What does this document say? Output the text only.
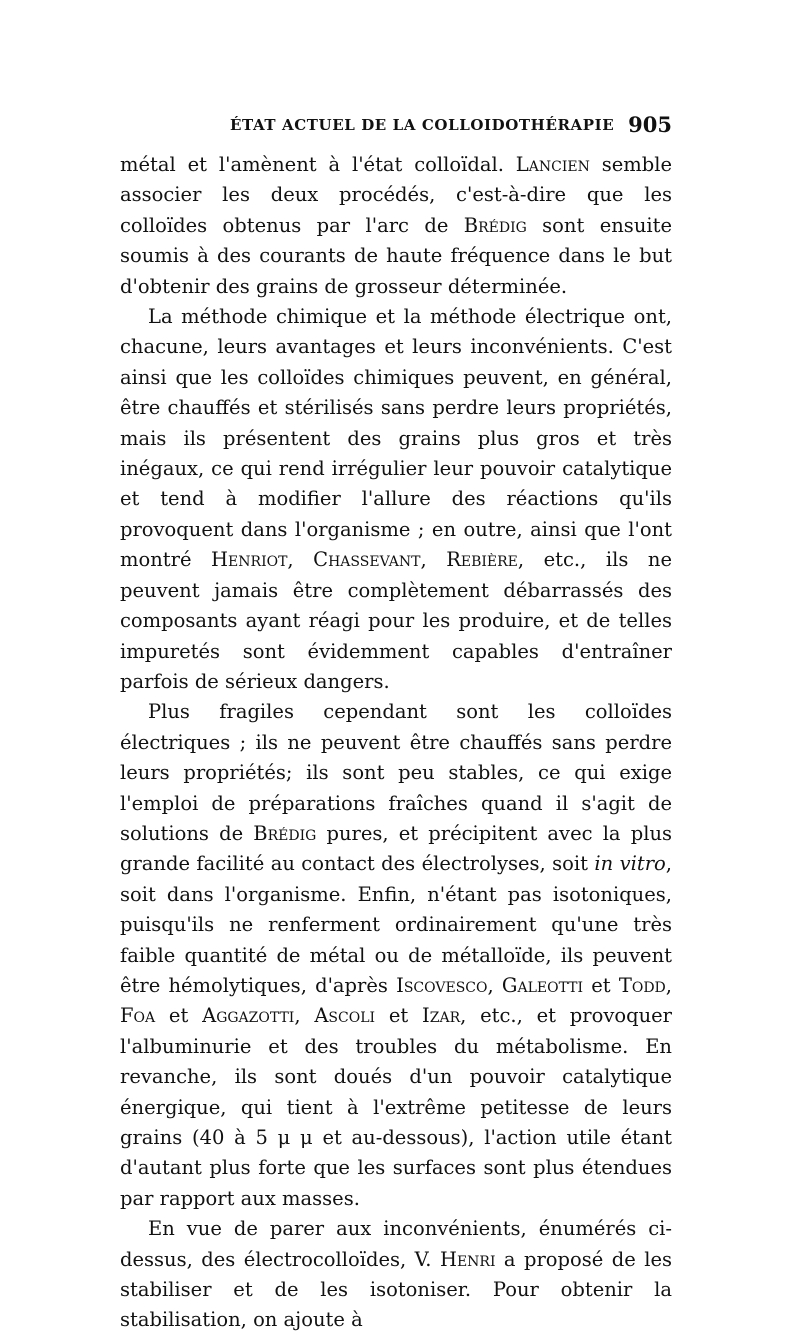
ÉTAT ACTUEL DE LA COLLOIDOTHÉRAPIE 905

métal et l'amènent à l'état colloïdal. Lancien semble associer les deux procédés, c'est-à-dire que les colloïdes obtenus par l'arc de Brédig sont ensuite soumis à des courants de haute fréquence dans le but d'obtenir des grains de grosseur déterminée.

La méthode chimique et la méthode électrique ont, chacune, leurs avantages et leurs inconvénients. C'est ainsi que les colloïdes chimiques peuvent, en général, être chauffés et stérilisés sans perdre leurs propriétés, mais ils présentent des grains plus gros et très inégaux, ce qui rend irrégulier leur pouvoir catalytique et tend à modifier l'allure des réactions qu'ils provoquent dans l'organisme ; en outre, ainsi que l'ont montré Henriot, Chassevant, Rebière, etc., ils ne peuvent jamais être complètement débarrassés des composants ayant réagi pour les produire, et de telles impuretés sont évidemment capables d'entraîner parfois de sérieux dangers.

Plus fragiles cependant sont les colloïdes électriques ; ils ne peuvent être chauffés sans perdre leurs propriétés; ils sont peu stables, ce qui exige l'emploi de préparations fraîches quand il s'agit de solutions de Brédig pures, et précipitent avec la plus grande facilité au contact des électrolyses, soit in vitro, soit dans l'organisme. Enfin, n'étant pas isotoniques, puisqu'ils ne renferment ordinairement qu'une très faible quantité de métal ou de métalloïde, ils peuvent être hémolytiques, d'après Iscovesco, Galeotti et Todd, Foa et Aggazotti, Ascoli et Izar, etc., et provoquer l'albuminurie et des troubles du métabolisme. En revanche, ils sont doués d'un pouvoir catalytique énergique, qui tient à l'extrême petitesse de leurs grains (40 à 5 μ μ et au-dessous), l'action utile étant d'autant plus forte que les surfaces sont plus étendues par rapport aux masses.

En vue de parer aux inconvénients, énumérés ci-dessus, des électrocolloïdes, V. Henri a proposé de les stabiliser et de les isotoniser. Pour obtenir la stabilisation, on ajoute à
